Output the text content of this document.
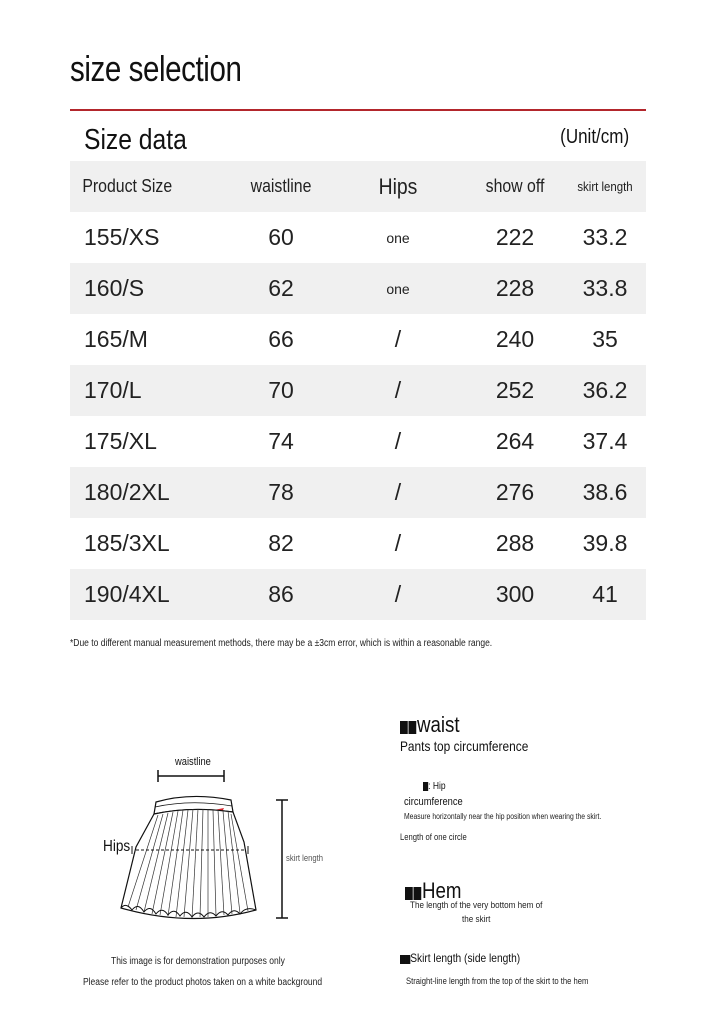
size selection
Size data	(Unit/cm)
Product Size	waistline	Hips	show off	skirt length
155/XS	60	one	222	33.2
160/S	62	one	228	33.8
165/M	66	/	240	35
170/L	70	/	252	36.2
175/XL	74	/	264	37.4
180/2XL	78	/	276	38.6
185/3XL	82	/	288	39.8
190/4XL	86	/	300	41
*Due to different manual measurement methods, there may be a ±3cm error, which is within a reasonable range.
waistline
Hips
skirt length
This image is for demonstration purposes only
Please refer to the product photos taken on a white background
waist
Pants top circumference
: Hip
circumference
Measure horizontally near the hip position when wearing the skirt.
Length of one circle
Hem
The length of the very bottom hem of the skirt
Skirt length (side length)
Straight-line length from the top of the skirt to the hem
